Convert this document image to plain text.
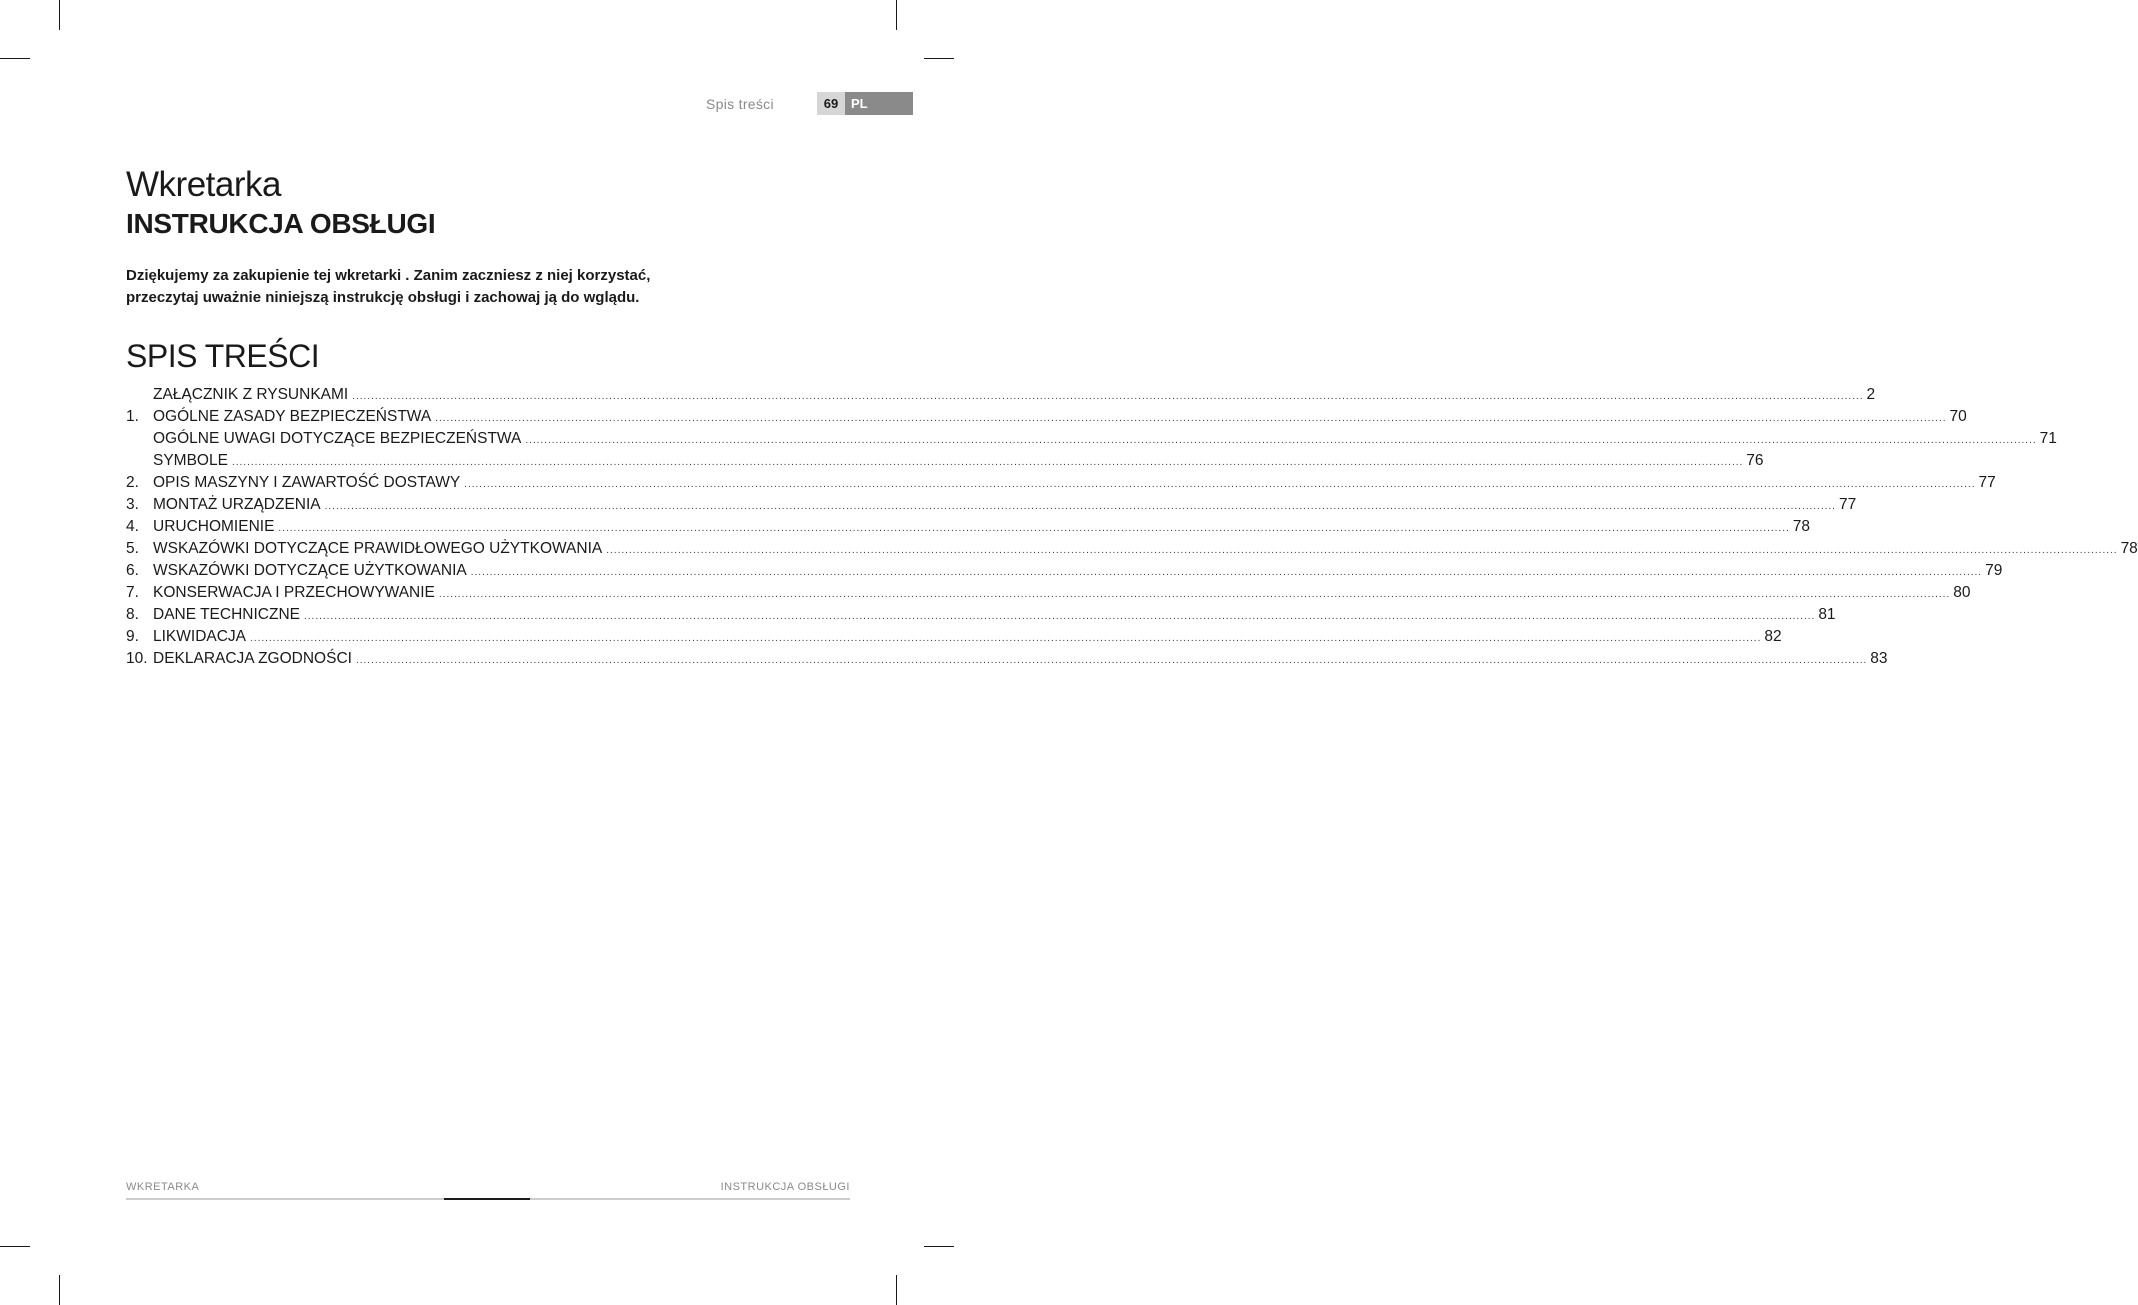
Spis treści	69 PL
Wkretarka
INSTRUKCJA OBSŁUGI
Dziękujemy za zakupienie tej wkretarki . Zanim zaczniesz z niej korzystać,
przeczytaj uważnie niniejszą instrukcję obsługi i zachowaj ją do wglądu.
SPIS TREŚCI
ZAŁĄCZNIK Z RYSUNKAMI ................................................................................................................................................................................................................................................................................................................................................................................................................ 2
1. OGÓLNE ZASADY BEZPIECZEŃSTWA ................................................................................................................................................................................................................................................................................................................................................................................................................ 70
OGÓLNE UWAGI DOTYCZĄCE BEZPIECZEŃSTWA ................................................................................................................................................................................................................................................................................................................................................................................................................ 71
SYMBOLE ................................................................................................................................................................................................................................................................................................................................................................................................................ 76
2. OPIS MASZYNY I ZAWARTOŚĆ DOSTAWY ................................................................................................................................................................................................................................................................................................................................................................................................................ 77
3. MONTAŻ URZĄDZENIA ................................................................................................................................................................................................................................................................................................................................................................................................................ 77
4. URUCHOMIENIE ................................................................................................................................................................................................................................................................................................................................................................................................................ 78
5. WSKAZÓWKI DOTYCZĄCE PRAWIDŁOWEGO UŻYTKOWANIA ................................................................................................................................................................................................................................................................................................................................................................................................................ 78
6. WSKAZÓWKI DOTYCZĄCE UŻYTKOWANIA ................................................................................................................................................................................................................................................................................................................................................................................................................ 79
7. KONSERWACJA I PRZECHOWYWANIE ................................................................................................................................................................................................................................................................................................................................................................................................................ 80
8. DANE TECHNICZNE ................................................................................................................................................................................................................................................................................................................................................................................................................ 81
9. LIKWIDACJA ................................................................................................................................................................................................................................................................................................................................................................................................................ 82
10. DEKLARACJA ZGODNOŚCI ................................................................................................................................................................................................................................................................................................................................................................................................................ 83
WKRETARKA	INSTRUKCJA OBSŁUGI
